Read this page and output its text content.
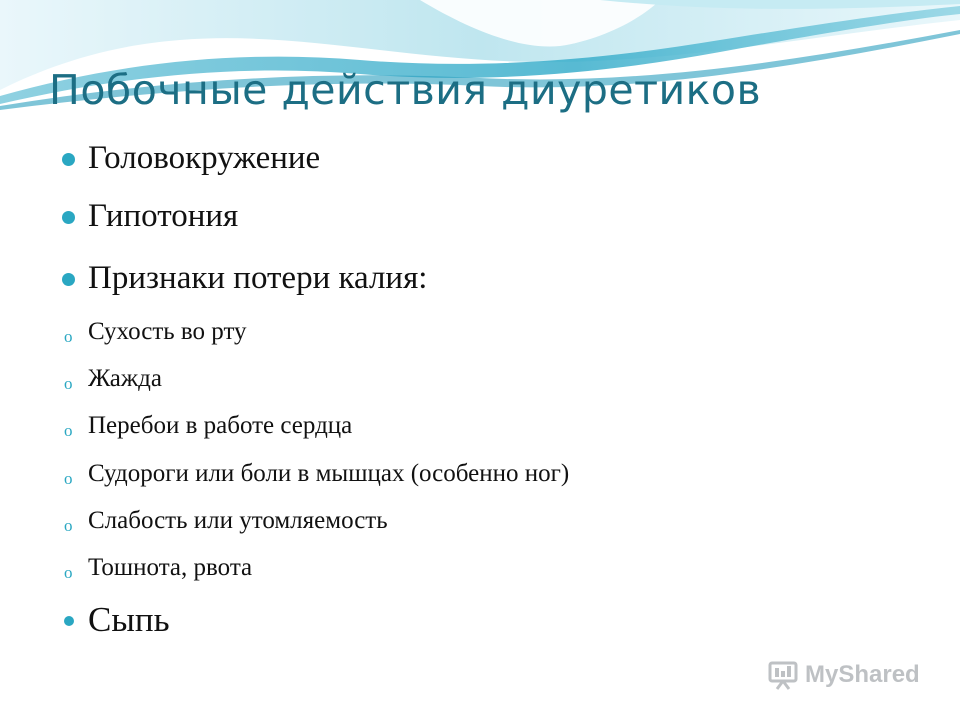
Побочные действия диуретиков
Головокружение
Гипотония
Признаки потери калия:
o Сухость во рту
o Жажда
o Перебои в работе сердца
o Судороги или боли в мышцах (особенно ног)
o Слабость или утомляемость
o Тошнота, рвота
Сыпь
MyShared
